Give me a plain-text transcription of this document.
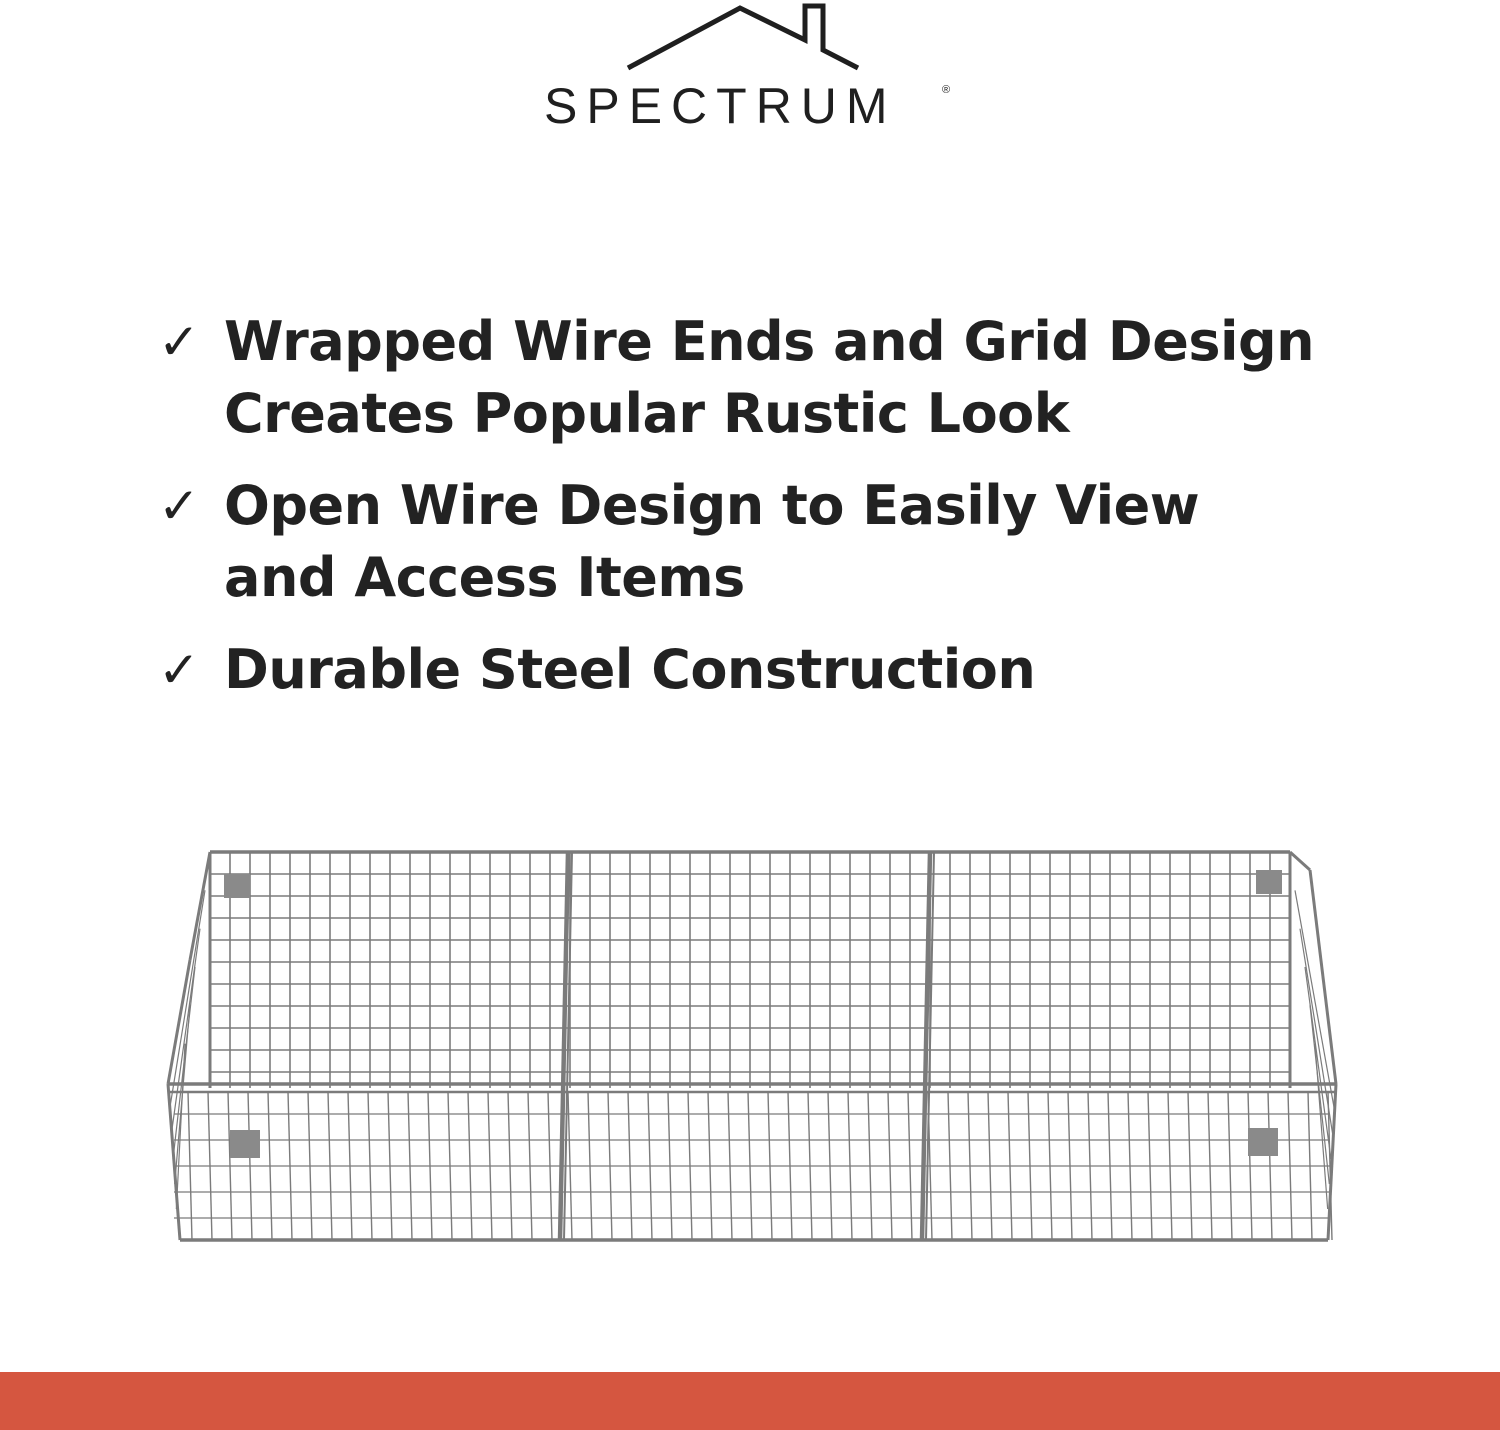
SPECTRUM	®
✓ Wrapped Wire Ends and Grid Design
Creates Popular Rustic Look
✓ Open Wire Design to Easily View
and Access Items
✓ Durable Steel Construction
